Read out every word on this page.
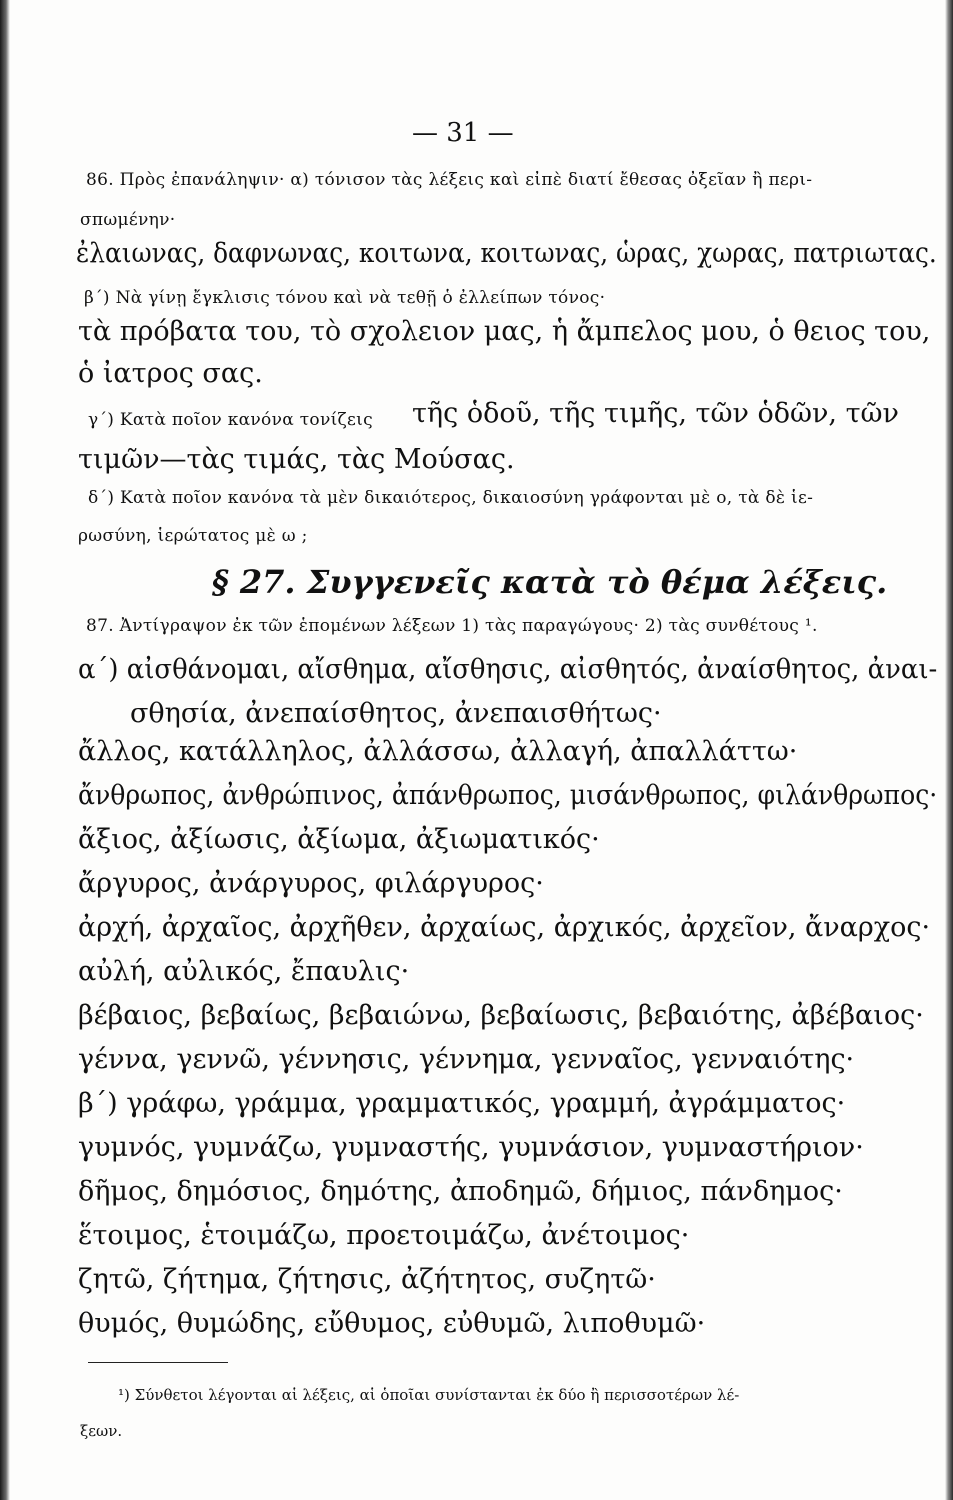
— 31 —
86. Πρὸς ἐπανάληψιν· α) τόνισον τὰς λέξεις καὶ εἰπὲ διατί ἔθεσας ὀξεῖαν ἢ περι-
σπωμένην·
ἐλαιωνας, δαφνωνας, κοιτωνα, κοιτωνας, ὡρας, χωρας, πατριωτας.
β΄) Νὰ γίνῃ ἔγκλισις τόνου καὶ νὰ τεθῇ ὁ ἐλλείπων τόνος·
τὰ πρόβατα του, τὸ σχολειον μας, ἡ ἄμπελος μου, ὁ θειος του,
ὁ ἰατρος σας.
γ΄) Κατὰ ποῖον κανόνα τονίζεις τῆς ὁδοῦ, τῆς τιμῆς, τῶν ὁδῶν, τῶν
τιμῶν—τὰς τιμάς, τὰς Μούσας.
δ΄) Κατὰ ποῖον κανόνα τὰ μὲν δικαιότερος, δικαιοσύνη γράφονται μὲ ο, τὰ δὲ ἱε-
ρωσύνη, ἱερώτατος μὲ ω ;
§ 27. Συγγενεῖς κατὰ τὸ θέμα λέξεις.
87. Ἀντίγραψον ἐκ τῶν ἑπομένων λέξεων 1) τὰς παραγώγους· 2) τὰς συνθέτους ¹.
α΄) αἰσθάνομαι, αἴσθημα, αἴσθησις, αἰσθητός, ἀναίσθητος, ἀναι-
σθησία, ἀνεπαίσθητος, ἀνεπαισθήτως·
ἄλλος, κατάλληλος, ἀλλάσσω, ἀλλαγή, ἀπαλλάττω·
ἄνθρωπος, ἀνθρώπινος, ἀπάνθρωπος, μισάνθρωπος, φιλάνθρωπος·
ἄξιος, ἀξίωσις, ἀξίωμα, ἀξιωματικός·
ἄργυρος, ἀνάργυρος, φιλάργυρος·
ἀρχή, ἀρχαῖος, ἀρχῆθεν, ἀρχαίως, ἀρχικός, ἀρχεῖον, ἄναρχος·
αὐλή, αὐλικός, ἔπαυλις·
βέβαιος, βεβαίως, βεβαιώνω, βεβαίωσις, βεβαιότης, ἀβέβαιος·
γέννα, γεννῶ, γέννησις, γέννημα, γενναῖος, γενναιότης·
β΄) γράφω, γράμμα, γραμματικός, γραμμή, ἀγράμματος·
γυμνός, γυμνάζω, γυμναστής, γυμνάσιον, γυμναστήριον·
δῆμος, δημόσιος, δημότης, ἀποδημῶ, δήμιος, πάνδημος·
ἕτοιμος, ἑτοιμάζω, προετοιμάζω, ἀνέτοιμος·
ζητῶ, ζήτημα, ζήτησις, ἀζήτητος, συζητῶ·
θυμός, θυμώδης, εὔθυμος, εὐθυμῶ, λιποθυμῶ·
¹) Σύνθετοι λέγονται αἱ λέξεις, αἱ ὁποῖαι συνίστανται ἐκ δύο ἢ περισσοτέρων λέ-
ξεων.
